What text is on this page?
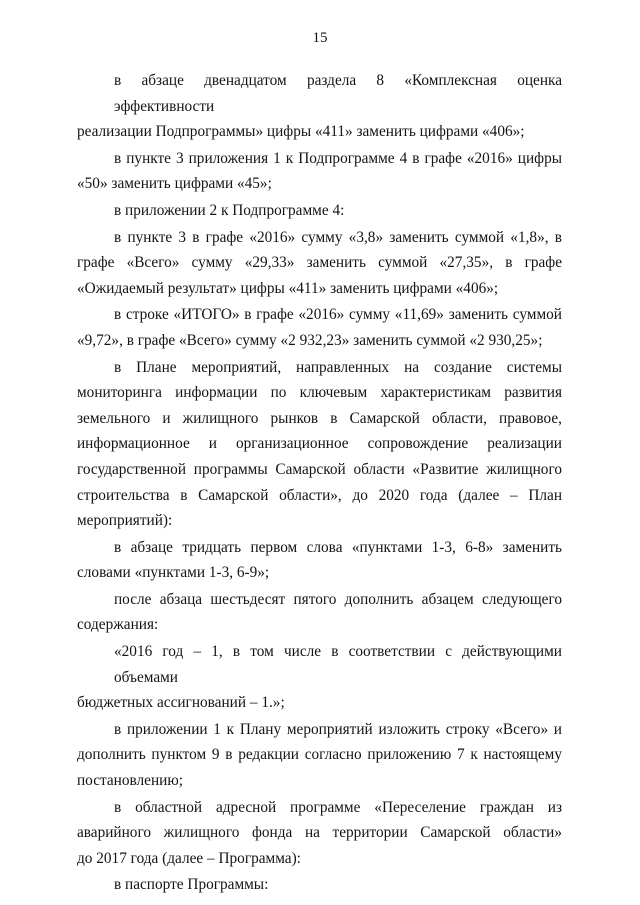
15
в абзаце двенадцатом раздела 8 «Комплексная оценка эффективности
реализации Подпрограммы» цифры «411» заменить цифрами «406»;
в пункте 3 приложения 1 к Подпрограмме 4 в графе «2016» цифры
«50» заменить цифрами «45»;
в приложении 2 к Подпрограмме 4:
в пункте 3 в графе «2016» сумму «3,8» заменить суммой «1,8», в
графе «Всего» сумму «29,33» заменить суммой «27,35», в графе
«Ожидаемый результат» цифры «411» заменить цифрами «406»;
в строке «ИТОГО» в графе «2016» сумму «11,69» заменить суммой
«9,72», в графе «Всего» сумму «2 932,23» заменить суммой «2 930,25»;
в Плане мероприятий, направленных на создание системы
мониторинга информации по ключевым характеристикам развития
земельного и жилищного рынков в Самарской области, правовое,
информационное и организационное сопровождение реализации
государственной программы Самарской области «Развитие жилищного
строительства в Самарской области», до 2020 года (далее – План
мероприятий):
в абзаце тридцать первом слова «пунктами 1-3, 6-8» заменить
словами «пунктами 1-3, 6-9»;
после абзаца шестьдесят пятого дополнить абзацем следующего
содержания:
«2016 год – 1, в том числе в соответствии с действующими объемами
бюджетных ассигнований – 1.»;
в приложении 1 к Плану мероприятий изложить строку «Всего» и
дополнить пунктом 9 в редакции согласно приложению 7 к настоящему
постановлению;
в областной адресной программе «Переселение граждан из
аварийного жилищного фонда на территории Самарской области»
до 2017 года (далее – Программа):
в паспорте Программы:
